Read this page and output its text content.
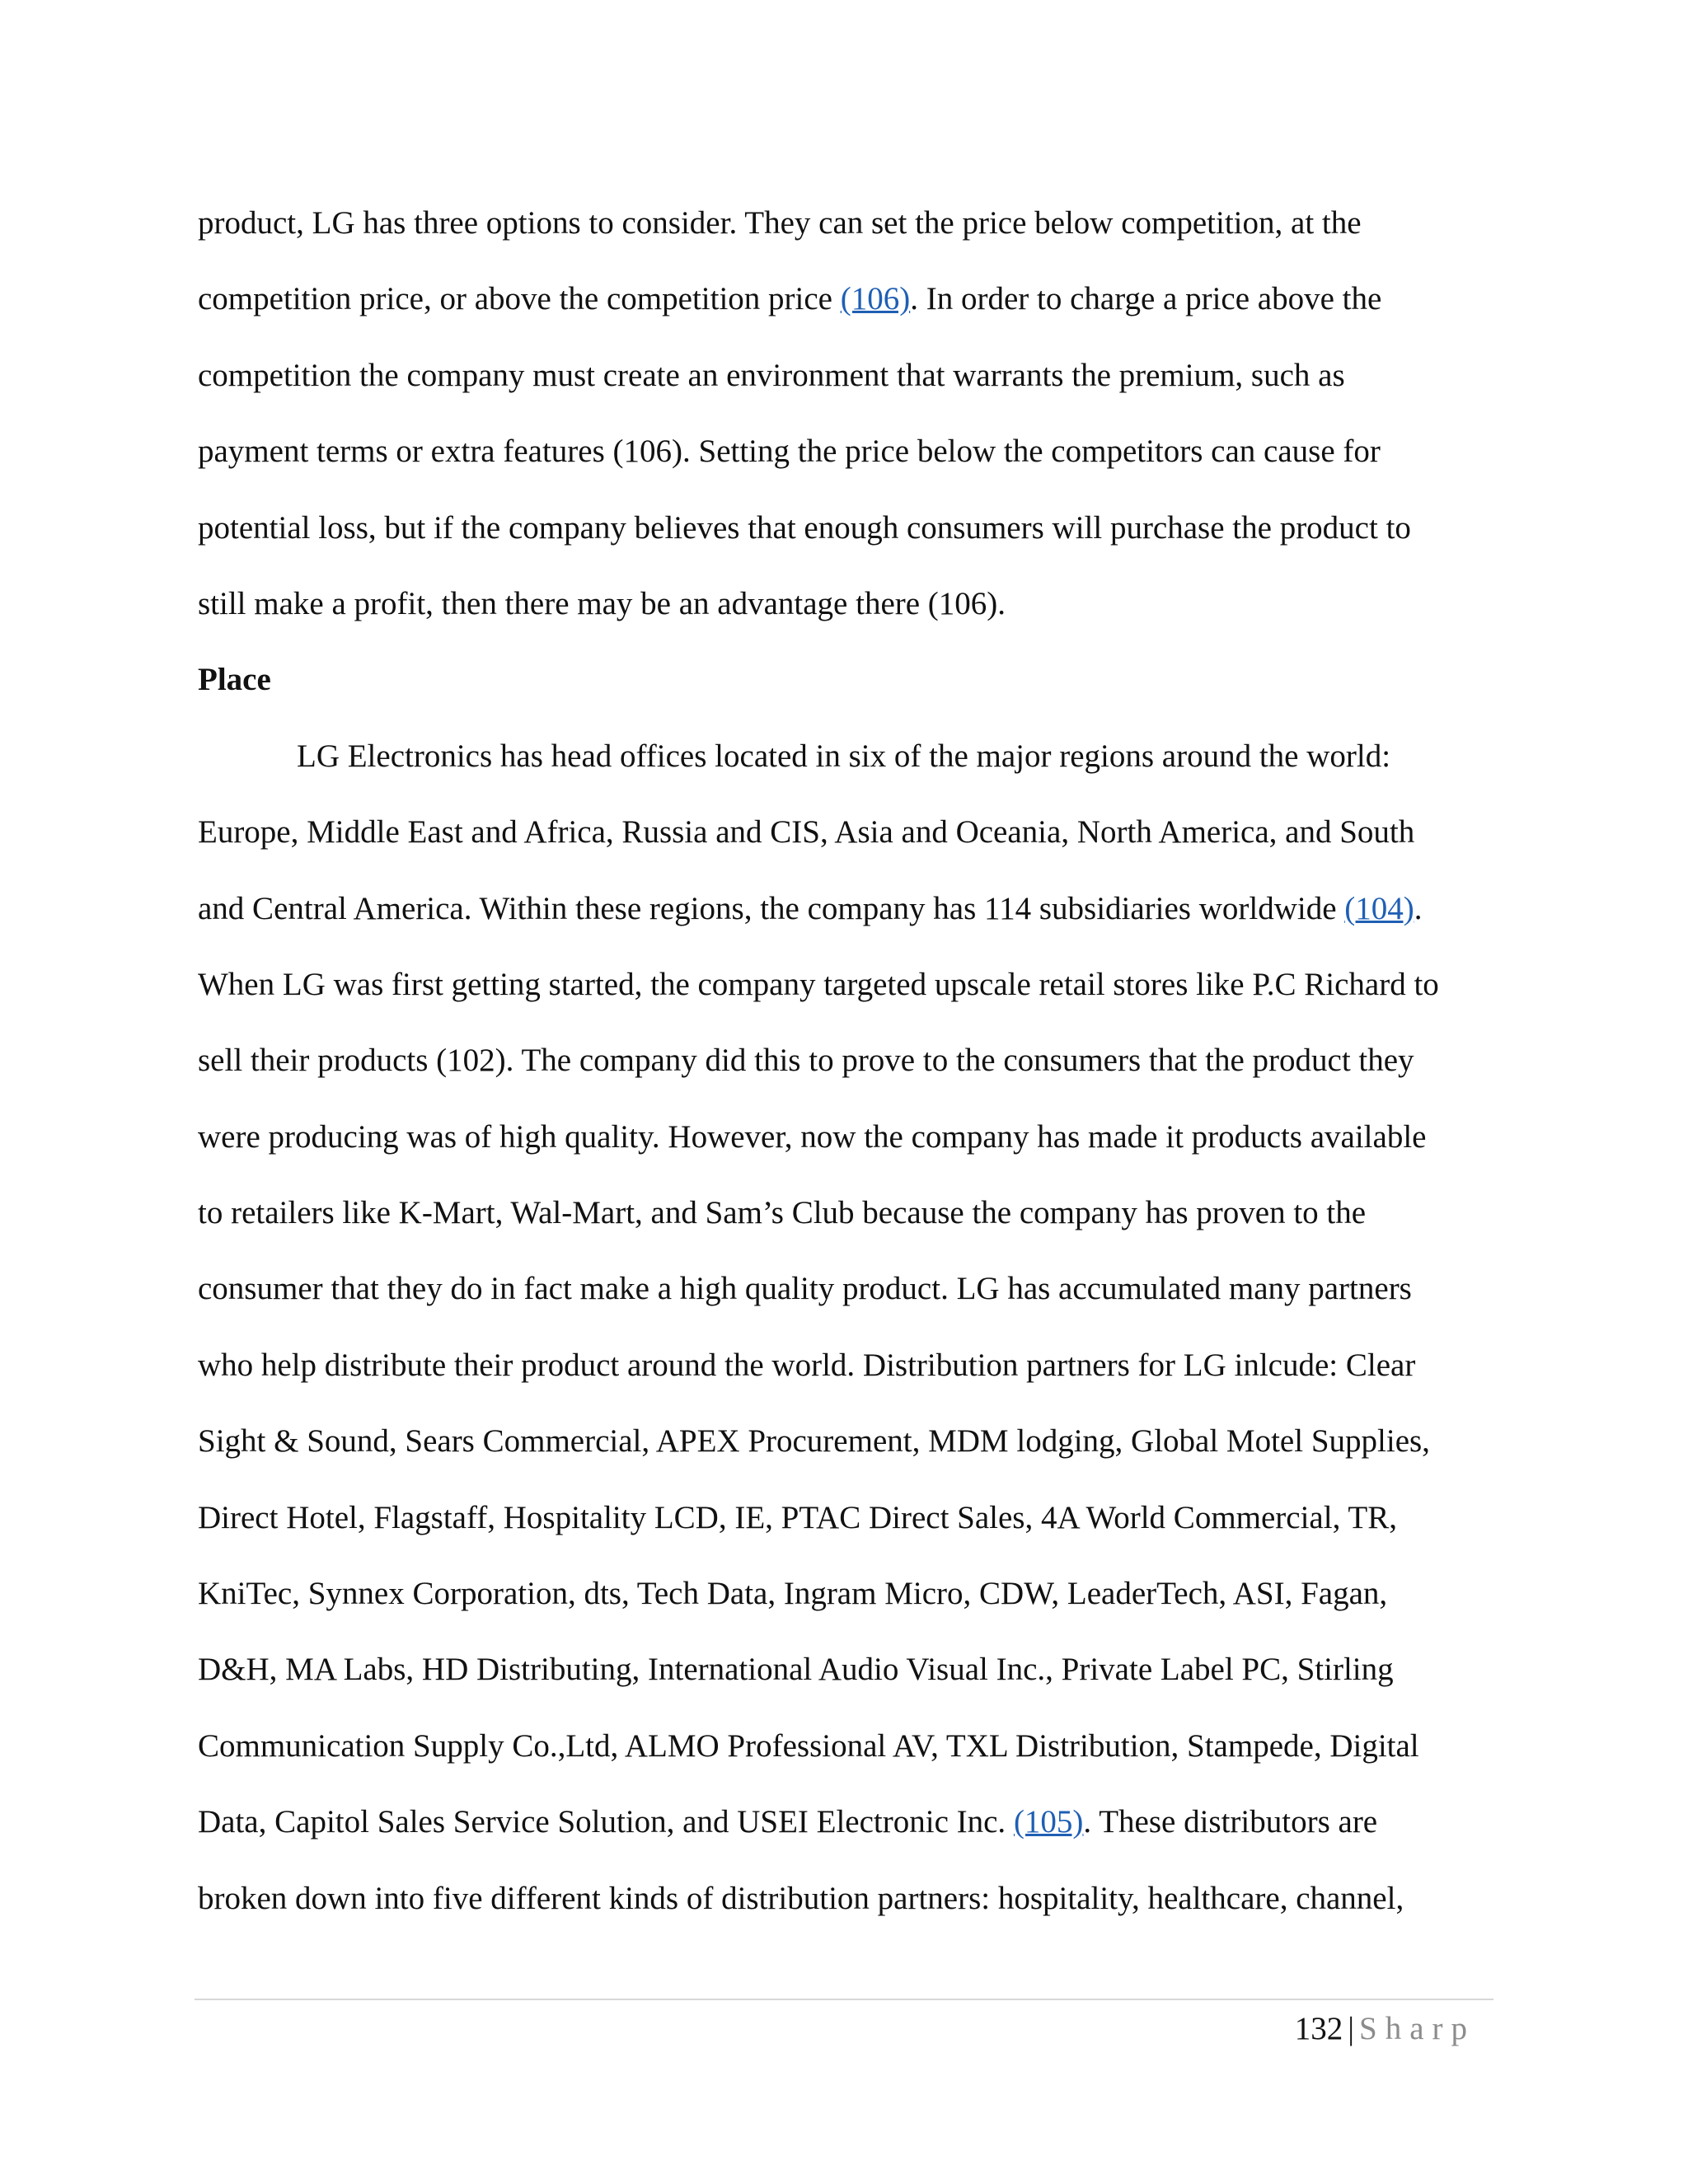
product, LG has three options to consider. They can set the price below competition, at the
competition price, or above the competition price (106). In order to charge a price above the
competition the company must create an environment that warrants the premium, such as
payment terms or extra features (106). Setting the price below the competitors can cause for
potential loss, but if the company believes that enough consumers will purchase the product to
still make a profit, then there may be an advantage there (106).
Place
LG Electronics has head offices located in six of the major regions around the world:
Europe, Middle East and Africa, Russia and CIS, Asia and Oceania, North America, and South
and Central America. Within these regions, the company has 114 subsidiaries worldwide (104).
When LG was first getting started, the company targeted upscale retail stores like P.C Richard to
sell their products (102). The company did this to prove to the consumers that the product they
were producing was of high quality. However, now the company has made it products available
to retailers like K-Mart, Wal-Mart, and Sam’s Club because the company has proven to the
consumer that they do in fact make a high quality product. LG has accumulated many partners
who help distribute their product around the world. Distribution partners for LG inlcude: Clear
Sight & Sound, Sears Commercial, APEX Procurement, MDM lodging, Global Motel Supplies,
Direct Hotel, Flagstaff, Hospitality LCD, IE, PTAC Direct Sales, 4A World Commercial, TR,
KniTec, Synnex Corporation, dts, Tech Data, Ingram Micro, CDW, LeaderTech, ASI, Fagan,
D&H, MA Labs, HD Distributing, International Audio Visual Inc., Private Label PC, Stirling
Communication Supply Co.,Ltd, ALMO Professional AV, TXL Distribution, Stampede, Digital
Data, Capitol Sales Service Solution, and USEI Electronic Inc. (105). These distributors are
broken down into five different kinds of distribution partners: hospitality, healthcare, channel,
132 | Sharp
